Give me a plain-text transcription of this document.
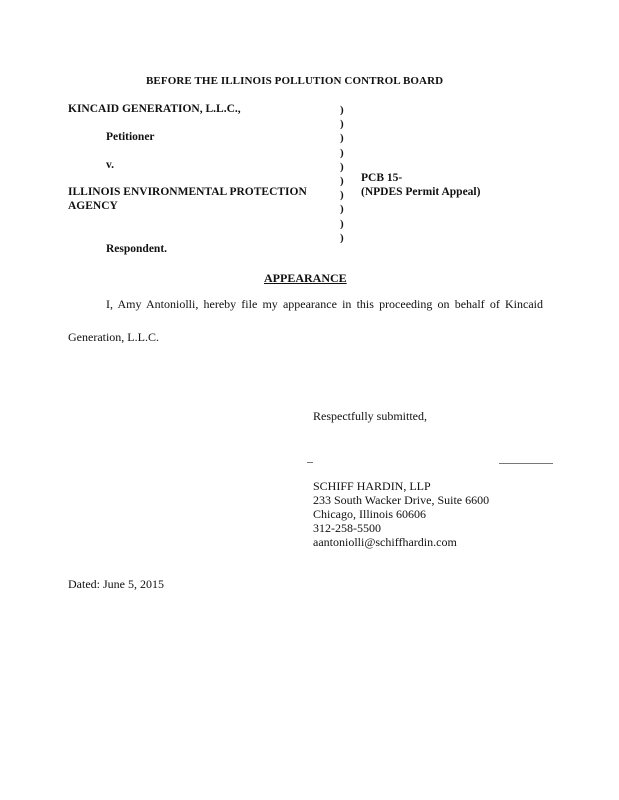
BEFORE THE ILLINOIS POLLUTION CONTROL BOARD
KINCAID GENERATION, L.L.C.,
Petitioner
v.
ILLINOIS ENVIRONMENTAL PROTECTION
AGENCY
Respondent.
)
)
)
)
)
)
)
)
)
)
PCB 15-
(NPDES Permit Appeal)
APPEARANCE
I, Amy Antoniolli, hereby file my appearance in this proceeding on behalf of Kincaid
Generation, L.L.C.
Respectfully submitted,
SCHIFF HARDIN, LLP
233 South Wacker Drive, Suite 6600
Chicago, Illinois 60606
312-258-5500
aantoniolli@schiffhardin.com
Dated: June 5, 2015
